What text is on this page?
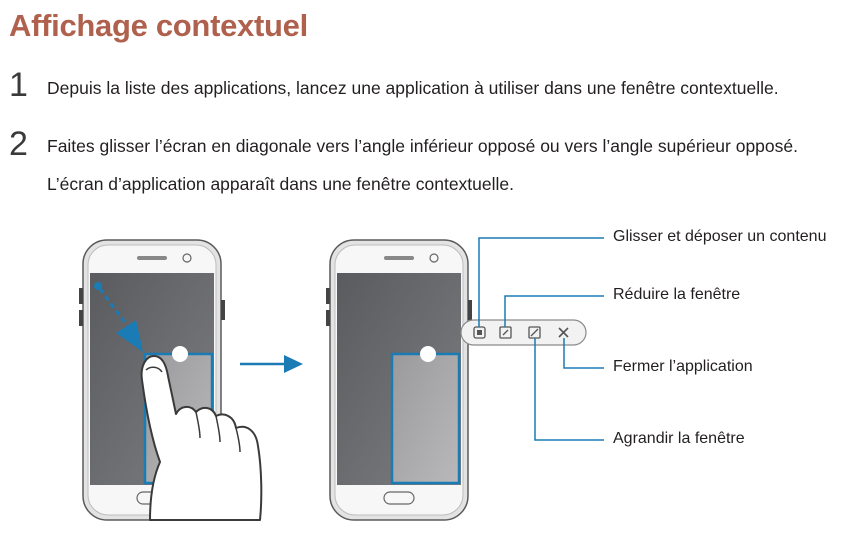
Affichage contextuel
1 Depuis la liste des applications, lancez une application à utiliser dans une fenêtre contextuelle.
2 Faites glisser l’écran en diagonale vers l’angle inférieur opposé ou vers l’angle supérieur opposé.
L’écran d’application apparaît dans une fenêtre contextuelle.
Glisser et déposer un contenu
Réduire la fenêtre
Fermer l’application
Agrandir la fenêtre
